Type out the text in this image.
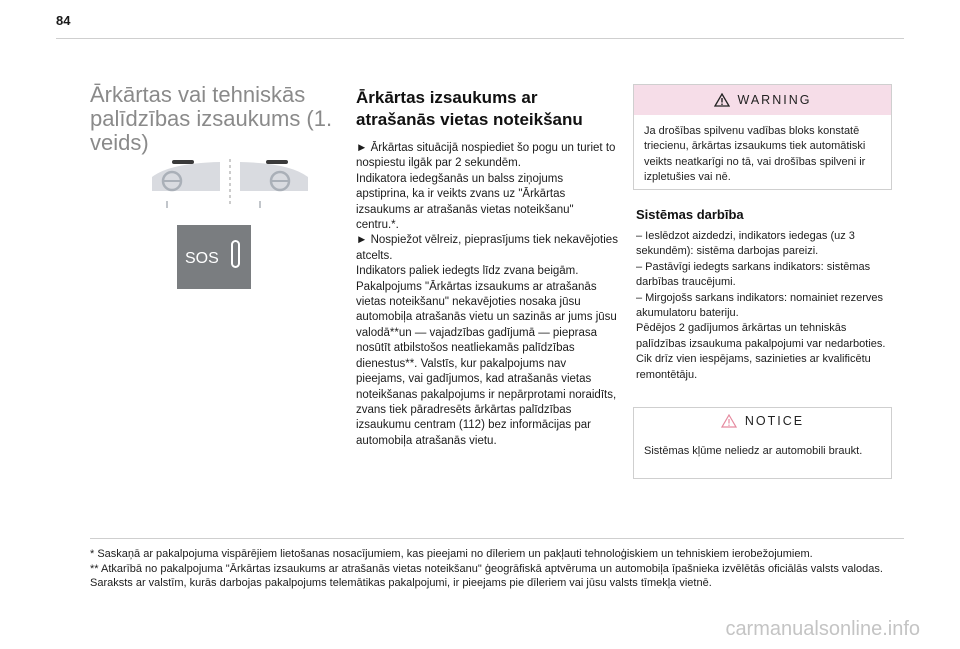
84
Ārkārtas vai tehniskās palīdzības izsaukums (1. veids)
SOS
Ārkārtas izsaukums ar atrašanās vietas noteikšanu

► Ārkārtas situācijā nospiediet šo pogu un turiet to nospiestu ilgāk par 2 sekundēm.

Indikatora iedegšanās un balss ziņojums apstiprina, ka ir veikts zvans uz "Ārkārtas izsaukums ar atrašanās vietas noteikšanu" centru.*.

► Nospiežot vēlreiz, pieprasījums tiek nekavējoties atcelts.

Indikators paliek iedegts līdz zvana beigām.

Pakalpojums "Ārkārtas izsaukums ar atrašanās vietas noteikšanu" nekavējoties nosaka jūsu automobiļa atrašanās vietu un sazinās ar jums jūsu valodā**un — vajadzības gadījumā — pieprasa nosūtīt atbilstošos neatliekamās palīdzības dienestus**. Valstīs, kur pakalpojums nav pieejams, vai gadījumos, kad atrašanās vietas noteikšanas pakalpojums ir nepārprotami noraidīts, zvans tiek pāradresēts ārkārtas palīdzības izsaukumu centram (112) bez informācijas par automobiļa atrašanās vietu.

WARNING
Ja drošības spilvenu vadības bloks konstatē triecienu, ārkārtas izsaukums tiek automātiski veikts neatkarīgi no tā, vai drošības spilveni ir izpletušies vai nē.
Sistēmas darbība

– Ieslēdzot aizdedzi, indikators iedegas (uz 3 sekundēm): sistēma darbojas pareizi.

– Pastāvīgi iedegts sarkans indikators: sistēmas darbības traucējumi.

– Mirgojošs sarkans indikators: nomainiet rezerves akumulatoru bateriju.

Pēdējos 2 gadījumos ārkārtas un tehniskās palīdzības izsaukuma pakalpojumi var nedarboties.

Cik drīz vien iespējams, sazinieties ar kvalificētu remontētāju.

NOTICE
Sistēmas kļūme neliedz ar automobili braukt.

* Saskaņā ar pakalpojuma vispārējiem lietošanas nosacījumiem, kas pieejami no dīleriem un pakļauti tehnoloģiskiem un tehniskiem ierobežojumiem.

** Atkarībā no pakalpojuma "Ārkārtas izsaukums ar atrašanās vietas noteikšanu" ģeogrāfiskā aptvēruma un automobiļa īpašnieka izvēlētās oficiālās valsts valodas.

Saraksts ar valstīm, kurās darbojas pakalpojums telemātikas pakalpojumi, ir pieejams pie dīleriem vai jūsu valsts tīmekļa vietnē.

carmanualsonline.info
